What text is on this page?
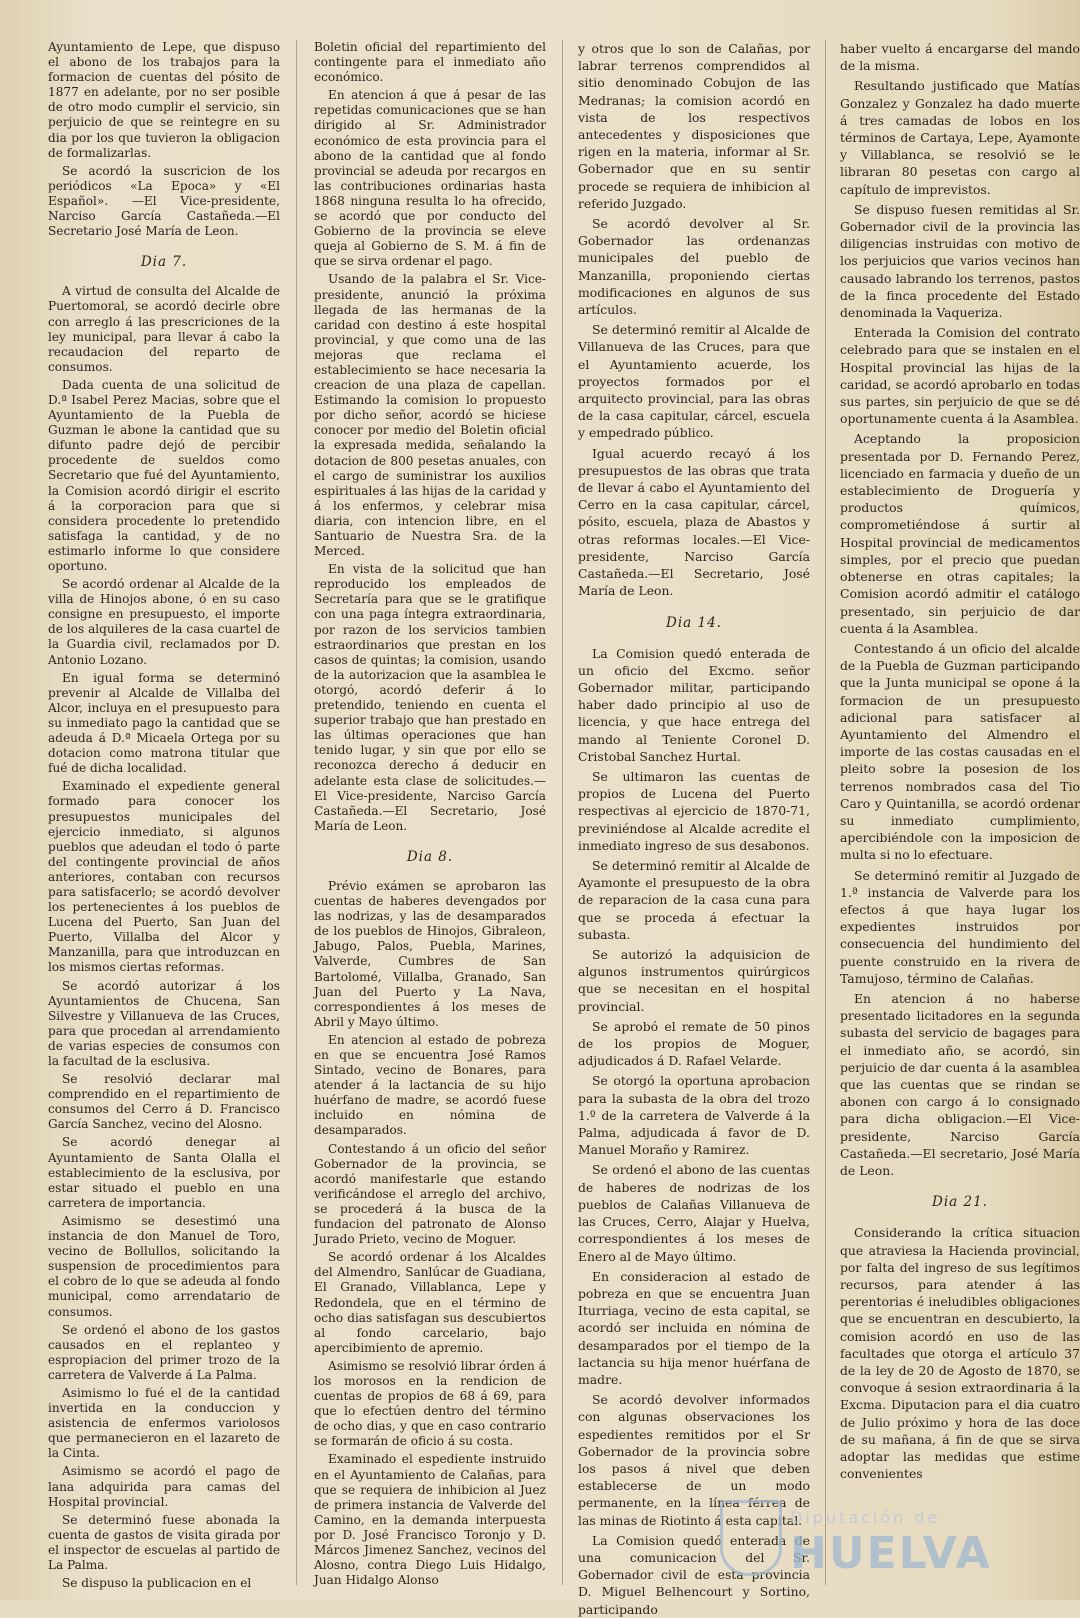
Ayuntamiento de Lepe, que dispuso el abono de los trabajos para la formacion de cuentas del pósito de 1877 en adelante, por no ser posible de otro modo cumplir el servicio, sin perjuicio de que se reintegre en su dia por los que tuvieron la obligacion de formalizarlas.

Se acordó la suscricion de los periódicos «La Epoca» y «El Español». —El Vice-presidente, Narciso García Castañeda.—El Secretario José María de Leon.

Dia 7.

A virtud de consulta del Alcalde de Puertomoral, se acordó decirle obre con arreglo á las prescriciones de la ley municipal, para llevar á cabo la recaudacion del reparto de consumos.

Dada cuenta de una solicitud de D.ª Isabel Perez Macias, sobre que el Ayuntamiento de la Puebla de Guzman le abone la cantidad que su difunto padre dejó de percibir procedente de sueldos como Secretario que fué del Ayuntamiento, la Comision acordó dirigir el escrito á la corporacion para que si considera procedente lo pretendido satisfaga la cantidad, y de no estimarlo informe lo que considere oportuno.

Se acordó ordenar al Alcalde de la villa de Hinojos abone, ó en su caso consigne en presupuesto, el importe de los alquileres de la casa cuartel de la Guardia civil, reclamados por D. Antonio Lozano.

En igual forma se determinó prevenir al Alcalde de Villalba del Alcor, incluya en el presupuesto para su inmediato pago la cantidad que se adeuda á D.ª Micaela Ortega por su dotacion como matrona titular que fué de dicha localidad.

Examinado el expediente general formado para conocer los presupuestos municipales del ejercicio inmediato, si algunos pueblos que adeudan el todo ó parte del contingente provincial de años anteriores, contaban con recursos para satisfacerlo; se acordó devolver los pertenecientes á los pueblos de Lucena del Puerto, San Juan del Puerto, Villalba del Alcor y Manzanilla, para que introduzcan en los mismos ciertas reformas.

Se acordó autorizar á los Ayuntamientos de Chucena, San Silvestre y Villanueva de las Cruces, para que procedan al arrendamiento de varias especies de consumos con la facultad de la esclusiva.

Se resolvió declarar mal comprendido en el repartimiento de consumos del Cerro á D. Francisco García Sanchez, vecino del Alosno.

Se acordó denegar al Ayuntamiento de Santa Olalla el establecimiento de la esclusiva, por estar situado el pueblo en una carretera de importancia.

Asimismo se desestimó una instancia de don Manuel de Toro, vecino de Bollullos, solicitando la suspension de procedimientos para el cobro de lo que se adeuda al fondo municipal, como arrendatario de consumos.

Se ordenó el abono de los gastos causados en el replanteo y espropiacion del primer trozo de la carretera de Valverde á La Palma.

Asimismo lo fué el de la cantidad invertida en la conduccion y asistencia de enfermos variolosos que permanecieron en el lazareto de la Cinta.

Asimismo se acordó el pago de lana adquirida para camas del Hospital provincial.

Se determinó fuese abonada la cuenta de gastos de visita girada por el inspector de escuelas al partido de La Palma.

Se dispuso la publicacion en el

Boletin oficial del repartimiento del contingente para el inmediato año económico.

En atencion á que á pesar de las repetidas comunicaciones que se han dirigido al Sr. Administrador económico de esta provincia para el abono de la cantidad que al fondo provincial se adeuda por recargos en las contribuciones ordinarias hasta 1868 ninguna resulta lo ha ofrecido, se acordó que por conducto del Gobierno de la provincia se eleve queja al Gobierno de S. M. á fin de que se sirva ordenar el pago.

Usando de la palabra el Sr. Vice-presidente, anunció la próxima llegada de las hermanas de la caridad con destino á este hospital provincial, y que como una de las mejoras que reclama el establecimiento se hace necesaria la creacion de una plaza de capellan. Estimando la comision lo propuesto por dicho señor, acordó se hiciese conocer por medio del Boletin oficial la expresada medida, señalando la dotacion de 800 pesetas anuales, con el cargo de suministrar los auxilios espirituales á las hijas de la caridad y á los enfermos, y celebrar misa diaria, con intencion libre, en el Santuario de Nuestra Sra. de la Merced.

En vista de la solicitud que han reproducido los empleados de Secretaría para que se le gratifique con una paga íntegra extraordinaria, por razon de los servicios tambien estraordinarios que prestan en los casos de quintas; la comision, usando de la autorizacion que la asamblea le otorgó, acordó deferir á lo pretendido, teniendo en cuenta el superior trabajo que han prestado en las últimas operaciones que han tenido lugar, y sin que por ello se reconozca derecho á deducir en adelante esta clase de solicitudes.—El Vice-presidente, Narciso García Castañeda.—El Secretario, José María de Leon.

Dia 8.

Prévio exámen se aprobaron las cuentas de haberes devengados por las nodrizas, y las de desamparados de los pueblos de Hinojos, Gibraleon, Jabugo, Palos, Puebla, Marines, Valverde, Cumbres de San Bartolomé, Villalba, Granado, San Juan del Puerto y La Nava, correspondientes á los meses de Abril y Mayo último.

En atencion al estado de pobreza en que se encuentra José Ramos Sintado, vecino de Bonares, para atender á la lactancia de su hijo huérfano de madre, se acordó fuese incluido en nómina de desamparados.

Contestando á un oficio del señor Gobernador de la provincia, se acordó manifestarle que estando verificándose el arreglo del archivo, se procederá á la busca de la fundacion del patronato de Alonso Jurado Prieto, vecino de Moguer.

Se acordó ordenar á los Alcaldes del Almendro, Sanlúcar de Guadiana, El Granado, Villablanca, Lepe y Redondela, que en el término de ocho dias satisfagan sus descubiertos al fondo carcelario, bajo apercibimiento de apremio.

Asimismo se resolvió librar órden á los morosos en la rendicion de cuentas de propios de 68 á 69, para que lo efectúen dentro del término de ocho dias, y que en caso contrario se formarán de oficio á su costa.

Examinado el espediente instruido en el Ayuntamiento de Calañas, para que se requiera de inhibicion al Juez de primera instancia de Valverde del Camino, en la demanda interpuesta por D. José Francisco Toronjo y D. Márcos Jimenez Sanchez, vecinos del Alosno, contra Diego Luis Hidalgo, Juan Hidalgo Alonso

y otros que lo son de Calañas, por labrar terrenos comprendidos al sitio denominado Cobujon de las Medranas; la comision acordó en vista de los respectivos antecedentes y disposiciones que rigen en la materia, informar al Sr. Gobernador que en su sentir procede se requiera de inhibicion al referido Juzgado.

Se acordó devolver al Sr. Gobernador las ordenanzas municipales del pueblo de Manzanilla, proponiendo ciertas modificaciones en algunos de sus artículos.

Se determinó remitir al Alcalde de Villanueva de las Cruces, para que el Ayuntamiento acuerde, los proyectos formados por el arquitecto provincial, para las obras de la casa capitular, cárcel, escuela y empedrado público.

Igual acuerdo recayó á los presupuestos de las obras que trata de llevar á cabo el Ayuntamiento del Cerro en la casa capitular, cárcel, pósito, escuela, plaza de Abastos y otras reformas locales.—El Vice-presidente, Narciso García Castañeda.—El Secretario, José María de Leon.

Dia 14.

La Comision quedó enterada de un oficio del Excmo. señor Gobernador militar, participando haber dado principio al uso de licencia, y que hace entrega del mando al Teniente Coronel D. Cristobal Sanchez Hurtal.

Se ultimaron las cuentas de propios de Lucena del Puerto respectivas al ejercicio de 1870-71, previniéndose al Alcalde acredite el inmediato ingreso de sus desabonos.

Se determinó remitir al Alcalde de Ayamonte el presupuesto de la obra de reparacion de la casa cuna para que se proceda á efectuar la subasta.

Se autorizó la adquisicion de algunos instrumentos quirúrgicos que se necesitan en el hospital provincial.

Se aprobó el remate de 50 pinos de los propios de Moguer, adjudicados á D. Rafael Velarde.

Se otorgó la oportuna aprobacion para la subasta de la obra del trozo 1.º de la carretera de Valverde á la Palma, adjudicada á favor de D. Manuel Moraño y Ramirez.

Se ordenó el abono de las cuentas de haberes de nodrizas de los pueblos de Calañas Villanueva de las Cruces, Cerro, Alajar y Huelva, correspondientes á los meses de Enero al de Mayo último.

En consideracion al estado de pobreza en que se encuentra Juan Iturriaga, vecino de esta capital, se acordó ser incluida en nómina de desamparados por el tiempo de la lactancia su hija menor huérfana de madre.

Se acordó devolver informados con algunas observaciones los espedientes remitidos por el Sr Gobernador de la provincia sobre los pasos á nivel que deben establecerse de un modo permanente, en la línea férrea de las minas de Riotinto á esta capital.

La Comision quedó enterada de una comunicacion del Sr. Gobernador civil de esta provincia D. Miguel Belhencourt y Sortino, participando

haber vuelto á encargarse del mando de la misma.

Resultando justificado que Matías Gonzalez y Gonzalez ha dado muerte á tres camadas de lobos en los términos de Cartaya, Lepe, Ayamonte y Villablanca, se resolvió se le libraran 80 pesetas con cargo al capítulo de imprevistos.

Se dispuso fuesen remitidas al Sr. Gobernador civil de la provincia las diligencias instruidas con motivo de los perjuicios que varios vecinos han causado labrando los terrenos, pastos de la finca procedente del Estado denominada la Vaqueriza.

Enterada la Comision del contrato celebrado para que se instalen en el Hospital provincial las hijas de la caridad, se acordó aprobarlo en todas sus partes, sin perjuicio de que se dé oportunamente cuenta á la Asamblea.

Aceptando la proposicion presentada por D. Fernando Perez, licenciado en farmacia y dueño de un establecimiento de Droguería y productos químicos, comprometiéndose á surtir al Hospital provincial de medicamentos simples, por el precio que puedan obtenerse en otras capitales; la Comision acordó admitir el catálogo presentado, sin perjuicio de dar cuenta á la Asamblea.

Contestando á un oficio del alcalde de la Puebla de Guzman participando que la Junta municipal se opone á la formacion de un presupuesto adicional para satisfacer al Ayuntamiento del Almendro el importe de las costas causadas en el pleito sobre la posesion de los terrenos nombrados casa del Tio Caro y Quintanilla, se acordó ordenar su inmediato cumplimiento, apercibiéndole con la imposicion de multa si no lo efectuare.

Se determinó remitir al Juzgado de 1.ª instancia de Valverde para los efectos á que haya lugar los expedientes instruidos por consecuencia del hundimiento del puente construido en la rivera de Tamujoso, término de Calañas.

En atencion á no haberse presentado licitadores en la segunda subasta del servicio de bagages para el inmediato año, se acordó, sin perjuicio de dar cuenta á la asamblea que las cuentas que se rindan se abonen con cargo á lo consignado para dicha obligacion.—El Vice-presidente, Narciso García Castañeda.—El secretario, José María de Leon.

Dia 21.

Considerando la crítica situacion que atraviesa la Hacienda provincial, por falta del ingreso de sus legítimos recursos, para atender á las perentorias é ineludibles obligaciones que se encuentran en descubierto, la comision acordó en uso de las facultades que otorga el artículo 37 de la ley de 20 de Agosto de 1870, se convoque á sesion extraordinaria á la Excma. Diputacion para el dia cuatro de Julio próximo y hora de las doce de su mañana, á fin de que se sirva adoptar las medidas que estime convenientes

Diputación de
HUELVA
